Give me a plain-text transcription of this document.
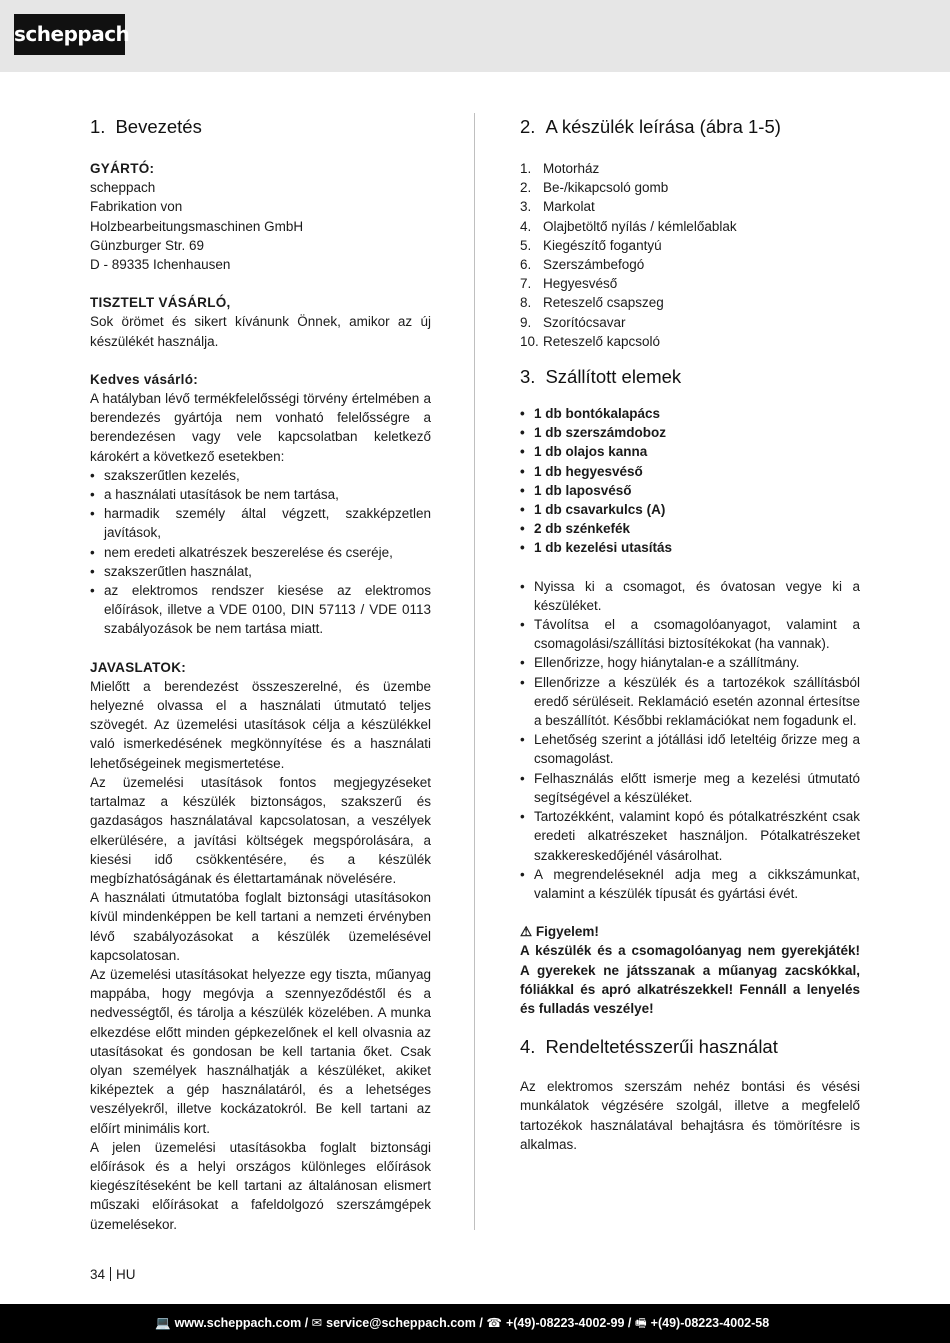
scheppach
1. Bevezetés

GYÁRTÓ:

scheppach

Fabrikation von

Holzbearbeitungsmaschinen GmbH

Günzburger Str. 69

D - 89335 Ichenhausen

TISZTELT VÁSÁRLÓ,

Sok örömet és sikert kívánunk Önnek, amikor az új készülékét használja.

Kedves vásárló:

A hatályban lévő termékfelelősségi törvény értelmében a berendezés gyártója nem vonható felelősségre a berendezésen vagy vele kapcsolatban keletkező károkért a következő esetekben:

• szakszerűtlen kezelés,
• a használati utasítások be nem tartása,
• harmadik személy által végzett, szakképzetlen javítások,
• nem eredeti alkatrészek beszerelése és cseréje,
• szakszerűtlen használat,
• az elektromos rendszer kiesése az elektromos előírások, illetve a VDE 0100, DIN 57113 / VDE 0113 szabályozások be nem tartása miatt.

JAVASLATOK:

Mielőtt a berendezést összeszerelné, és üzembe helyezné olvassa el a használati útmutató teljes szövegét. Az üzemelési utasítások célja a készülékkel való ismerkedésének megkönnyítése és a használati lehetőségeinek megismertetése.

Az üzemelési utasítások fontos megjegyzéseket tartalmaz a készülék biztonságos, szakszerű és gazdaságos használatával kapcsolatosan, a veszélyek elkerülésére, a javítási költségek megspórolására, a kiesési idő csökkentésére, és a készülék megbízhatóságának és élettartamának növelésére.

A használati útmutatóba foglalt biztonsági utasításokon kívül mindenképpen be kell tartani a nemzeti érvényben lévő szabályozásokat a készülék üzemelésével kapcsolatosan.

Az üzemelési utasításokat helyezze egy tiszta, műanyag mappába, hogy megóvja a szennyeződéstől és a nedvességtől, és tárolja a készülék közelében. A munka elkezdése előtt minden gépkezelőnek el kell olvasnia az utasításokat és gondosan be kell tartania őket. Csak olyan személyek használhatják a készüléket, akiket kiképeztek a gép használatáról, és a lehetséges veszélyekről, illetve kockázatokról. Be kell tartani az előírt minimális kort.

A jelen üzemelési utasításokba foglalt biztonsági előírások és a helyi országos különleges előírások kiegészítéseként be kell tartani az általánosan elismert műszaki előírásokat a fafeldolgozó szerszámgépek üzemelésekor.

2. A készülék leírása (ábra 1-5)
1. Motorház
2. Be-/kikapcsoló gomb
3. Markolat
4. Olajbetöltő nyílás / kémlelőablak
5. Kiegészítő fogantyú
6. Szerszámbefogó
7. Hegyesvéső
8. Reteszelő csapszeg
9. Szorítócsavar
10. Reteszelő kapcsoló
3. Szállított elemek
• 1 db bontókalapács
• 1 db szerszámdoboz
• 1 db olajos kanna
• 1 db hegyesvéső
• 1 db laposvéső
• 1 db csavarkulcs (A)
• 2 db szénkefék
• 1 db kezelési utasítás
• Nyissa ki a csomagot, és óvatosan vegye ki a készüléket.
• Távolítsa el a csomagolóanyagot, valamint a csomagolási/szállítási biztosítékokat (ha vannak).
• Ellenőrizze, hogy hiánytalan-e a szállítmány.
• Ellenőrizze a készülék és a tartozékok szállításból eredő sérüléseit. Reklamáció esetén azonnal értesítse a beszállítót. Későbbi reklamációkat nem fogadunk el.
• Lehetőség szerint a jótállási idő leteltéig őrizze meg a csomagolást.
• Felhasználás előtt ismerje meg a kezelési útmutató segítségével a készüléket.
• Tartozékként, valamint kopó és pótalkatrészként csak eredeti alkatrészeket használjon. Pótalkatrészeket szakkereskedőjénél vásárolhat.
• A megrendeléseknél adja meg a cikkszámunkat, valamint a készülék típusát és gyártási évét.

⚠ Figyelem!

A készülék és a csomagolóanyag nem gyerekjáték! A gyerekek ne játsszanak a műanyag zacskókkal, fóliákkal és apró alkatrészekkel! Fennáll a lenyelés és fulladás veszélye!

4. Rendeltetésszerűi használat

Az elektromos szerszám nehéz bontási és vésési munkálatok végzésére szolgál, illetve a megfelelő tartozékok használatával behajtásra és tömörítésre is alkalmas.

34 HU
💻 www.scheppach.com / ✉ service@scheppach.com / ☎ +(49)-08223-4002-99 / 🖷 +(49)-08223-4002-58
